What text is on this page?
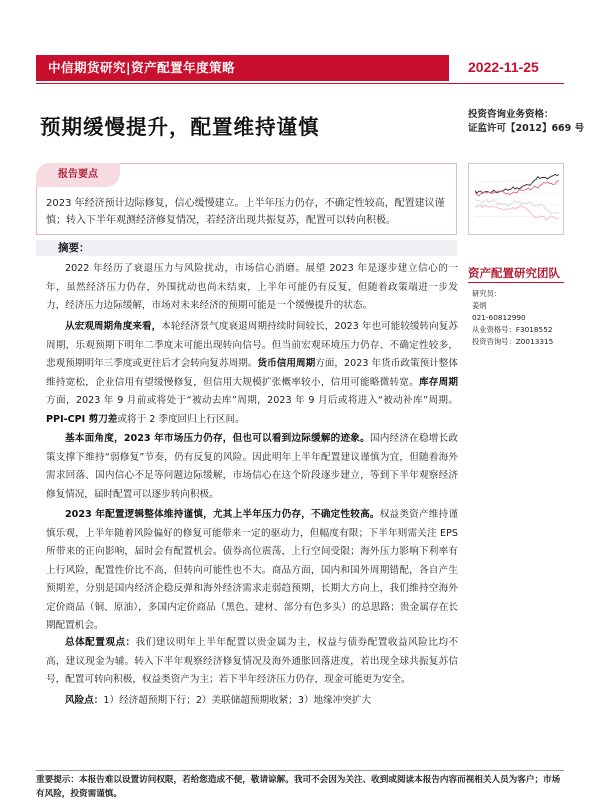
中信期货研究|资产配置年度策略	2022-11-25
预期缓慢提升，配置维持谨慎
投资咨询业务资格：
证监许可【2012】669 号
报告要点
2023 年经济预计边际修复，信心缓慢建立。上半年压力仍存，不确定性较高，配置建议谨慎；转入下半年观测经济修复情况，若经济出现共振复苏，配置可以转向积极。
摘要：

2022 年经历了衰退压力与风险扰动，市场信心消磨。展望 2023 年是逐步建立信心的一年，虽然经济压力仍存，外围扰动也尚未结束，上半年可能仍有反复，但随着政策端进一步发力，经济压力边际缓解，市场对未来经济的预期可能是一个缓慢提升的状态。

从宏观周期角度来看，本轮经济景气度衰退周期持续时间较长，2023 年也可能较缓转向复苏周期，乐观预期下明年二季度末可能出现转向信号。但当前宏观环境压力仍存、不确定性较多，悲观预期明年三季度或更往后才会转向复苏周期。货币信用周期方面，2023 年货币政策预计整体维持宽松，企业信用有望缓慢修复，但信用大规模扩张概率较小，信用可能略微转宽。库存周期方面，2023 年 9 月前或将处于“被动去库”周期，2023 年 9 月后或将进入“被动补库”周期。PPI-CPI 剪刀差或将于 2 季度回归上行区间。

基本面角度，2023 年市场压力仍存，但也可以看到边际缓解的迹象。国内经济在稳增长政策支撑下维持“弱修复”节奏，仍有反复的风险。因此明年上半年配置建议谨慎为宜，但随着海外需求回落、国内信心不足等问题边际缓解，市场信心在这个阶段逐步建立，等到下半年观察经济修复情况，届时配置可以逐步转向积极。

2023 年配置逻辑整体维持谨慎，尤其上半年压力仍存，不确定性较高。权益类资产维持谨慎乐观，上半年随着风险偏好的修复可能带来一定的驱动力，但幅度有限；下半年则需关注 EPS 所带来的正向影响，届时会有配置机会。债券高位震荡，上行空间受限；海外压力影响下利率有上行风险，配置性价比不高，但转向可能性也不大。商品方面，国内和国外周期错配，各自产生预期差，分别是国内经济企稳反弹和海外经济需求走弱趋预期，长期大方向上，我们维持空海外定价商品（铜、原油），多国内定价商品（黑色、建材、部分有色多头）的总思路；贵金属存在长期配置机会。

总体配置观点：我们建议明年上半年配置以贵金属为主，权益与债券配置收益风险比均不高，建议现金为辅。转入下半年观察经济修复情况及海外通胀回落进度，若出现全球共振复苏信号，配置可转向积极，权益类资产为主；若下半年经济压力仍存，现金可能更为安全。

风险点：1）经济超预期下行；2）美联储超预期收紧；3）地缘冲突扩大

资产配置研究团队
研究员：
姜炳
021-60812990
从业资格号：F3018552
投资咨询号：Z0013315
重要提示：本报告难以设置访问权限，若给您造成不便，敬请谅解。我司不会因为关注、收到或阅读本报告内容而视相关人员为客户；市场有风险，投资需谨慎。
